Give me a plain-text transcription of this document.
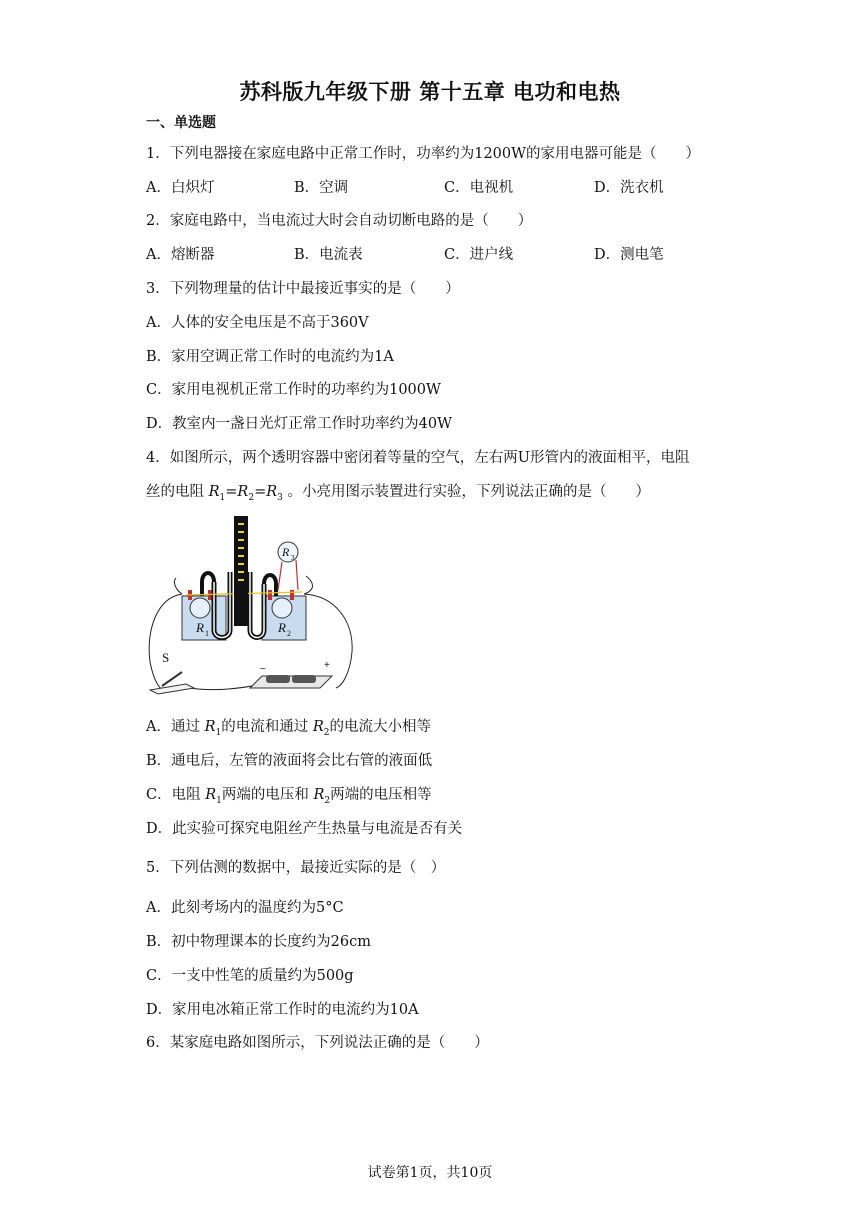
苏科版九年级下册 第十五章 电功和电热
一、单选题
1．下列电器接在家庭电路中正常工作时，功率约为1200W的家用电器可能是（　　）
A．白炽灯	B．空调	C．电视机	D．洗衣机
2．家庭电路中，当电流过大时会自动切断电路的是（　　）
A．熔断器	B．电流表	C．进户线	D．测电笔
3．下列物理量的估计中最接近事实的是（　　）
A．人体的安全电压是不高于360V
B．家用空调正常工作时的电流约为1A
C．家用电视机正常工作时的功率约为1000W
D．教室内一盏日光灯正常工作时功率约为40W
4．如图所示，两个透明容器中密闭着等量的空气，左右两U形管内的液面相平，电阻
丝的电阻 $R_1=R_2=R_3$ 。小亮用图示装置进行实验，下列说法正确的是（　　）
R 1	R 2
R 3
S
−	+
A．通过 $R_1$的电流和通过 $R_2$的电流大小相等
B．通电后，左管的液面将会比右管的液面低
C．电阻 $R_1$两端的电压和 $R_2$两端的电压相等
D．此实验可探究电阻丝产生热量与电流是否有关
5．下列估测的数据中，最接近实际的是（　）
A．此刻考场内的温度约为5°C
B．初中物理课本的长度约为26cm
C．一支中性笔的质量约为500g
D．家用电冰箱正常工作时的电流约为10A
6．某家庭电路如图所示，下列说法正确的是（　　）
试卷第1页，共10页
